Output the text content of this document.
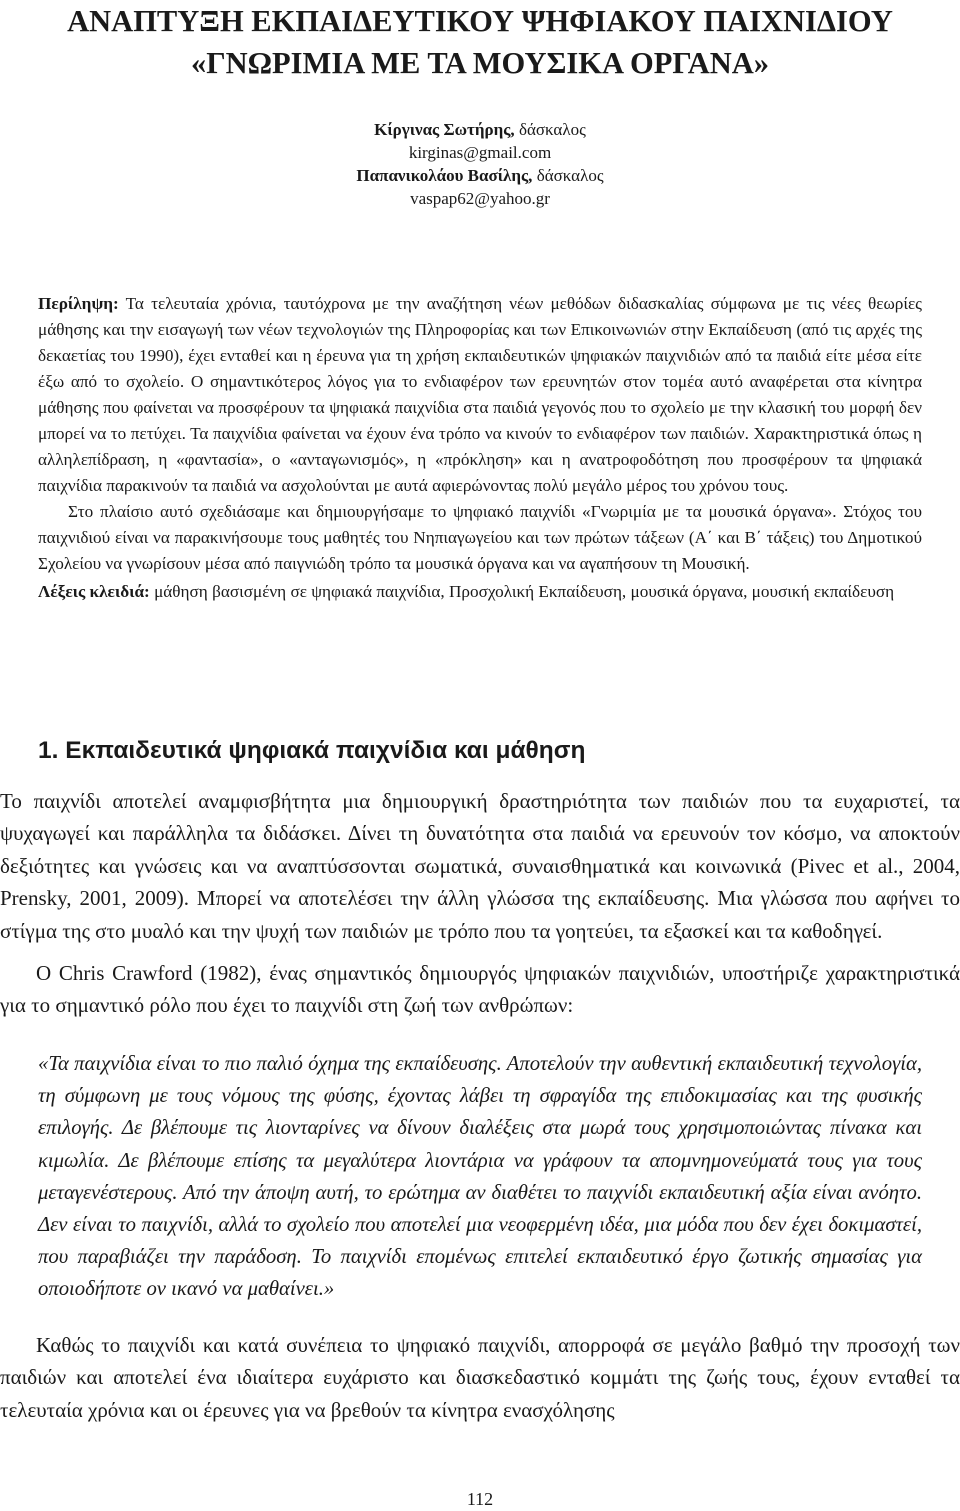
ΑΝΑΠΤΥΞΗ ΕΚΠΑΙΔΕΥΤΙΚΟΥ ΨΗΦΙΑΚΟΥ ΠΑΙΧΝΙΔΙΟΥ
«ΓΝΩΡΙΜΙΑ ΜΕ ΤΑ ΜΟΥΣΙΚΑ ΟΡΓΑΝΑ»
Κίργινας Σωτήρης, δάσκαλος
kirginas@gmail.com
Παπανικολάου Βασίλης, δάσκαλος
vaspap62@yahoo.gr

Περίληψη: Τα τελευταία χρόνια, ταυτόχρονα με την αναζήτηση νέων μεθόδων διδασκαλίας σύμφωνα με τις νέες θεωρίες μάθησης και την εισαγωγή των νέων τεχνολογιών της Πληροφορίας και των Επικοινωνιών στην Εκπαίδευση (από τις αρχές της δεκαετίας του 1990), έχει ενταθεί και η έρευνα για τη χρήση εκπαιδευτικών ψηφιακών παιχνιδιών από τα παιδιά είτε μέσα είτε έξω από το σχολείο. Ο σημαντικότερος λόγος για το ενδιαφέρον των ερευνητών στον τομέα αυτό αναφέρεται στα κίνητρα μάθησης που φαίνεται να προσφέρουν τα ψηφιακά παιχνίδια στα παιδιά γεγονός που το σχολείο με την κλασική του μορφή δεν μπορεί να το πετύχει. Τα παιχνίδια φαίνεται να έχουν ένα τρόπο να κινούν το ενδιαφέρον των παιδιών. Χαρακτηριστικά όπως η αλληλεπίδραση, η «φαντασία», ο «ανταγωνισμός», η «πρόκληση» και η ανατροφοδότηση που προσφέρουν τα ψηφιακά παιχνίδια παρακινούν τα παιδιά να ασχολούνται με αυτά αφιερώνοντας πολύ μεγάλο μέρος του χρόνου τους.

Στο πλαίσιο αυτό σχεδιάσαμε και δημιουργήσαμε το ψηφιακό παιχνίδι «Γνωριμία με τα μουσικά όργανα». Στόχος του παιχνιδιού είναι να παρακινήσουμε τους μαθητές του Νηπιαγωγείου και των πρώτων τάξεων (Α΄ και Β΄ τάξεις) του Δημοτικού Σχολείου να γνωρίσουν μέσα από παιγνιώδη τρόπο τα μουσικά όργανα και να αγαπήσουν τη Μουσική.

Λέξεις κλειδιά: μάθηση βασισμένη σε ψηφιακά παιχνίδια, Προσχολική Εκπαίδευση, μουσικά όργανα, μουσική εκπαίδευση

1. Εκπαιδευτικά ψηφιακά παιχνίδια και μάθηση

Το παιχνίδι αποτελεί αναμφισβήτητα μια δημιουργική δραστηριότητα των παιδιών που τα ευχαριστεί, τα ψυχαγωγεί και παράλληλα τα διδάσκει. Δίνει τη δυνατότητα στα παιδιά να ερευνούν τον κόσμο, να αποκτούν δεξιότητες και γνώσεις και να αναπτύσσονται σωματικά, συναισθηματικά και κοινωνικά (Pivec et al., 2004, Prensky, 2001, 2009). Μπορεί να αποτελέσει την άλλη γλώσσα της εκπαίδευσης. Μια γλώσσα που αφήνει το στίγμα της στο μυαλό και την ψυχή των παιδιών με τρόπο που τα γοητεύει, τα εξασκεί και τα καθοδηγεί.

Ο Chris Crawford (1982), ένας σημαντικός δημιουργός ψηφιακών παιχνιδιών, υποστήριζε χαρακτηριστικά για το σημαντικό ρόλο που έχει το παιχνίδι στη ζωή των ανθρώπων:

«Τα παιχνίδια είναι το πιο παλιό όχημα της εκπαίδευσης. Αποτελούν την αυθεντική εκπαιδευτική τεχνολογία, τη σύμφωνη με τους νόμους της φύσης, έχοντας λάβει τη σφραγίδα της επιδοκιμασίας και της φυσικής επιλογής. Δε βλέπουμε τις λιονταρίνες να δίνουν διαλέξεις στα μωρά τους χρησιμοποιώντας πίνακα και κιμωλία. Δε βλέπουμε επίσης τα μεγαλύτερα λιοντάρια να γράφουν τα απομνημονεύματά τους για τους μεταγενέστερους. Από την άποψη αυτή, το ερώτημα αν διαθέτει το παιχνίδι εκπαιδευτική αξία είναι ανόητο. Δεν είναι το παιχνίδι, αλλά το σχολείο που αποτελεί μια νεοφερμένη ιδέα, μια μόδα που δεν έχει δοκιμαστεί, που παραβιάζει την παράδοση. Το παιχνίδι επομένως επιτελεί εκπαιδευτικό έργο ζωτικής σημασίας για οποιοδήποτε ον ικανό να μαθαίνει.»

Καθώς το παιχνίδι και κατά συνέπεια το ψηφιακό παιχνίδι, απορροφά σε μεγάλο βαθμό την προσοχή των παιδιών και αποτελεί ένα ιδιαίτερα ευχάριστο και διασκεδαστικό κομμάτι της ζωής τους, έχουν ενταθεί τα τελευταία χρόνια και οι έρευνες για να βρεθούν τα κίνητρα ενασχόλησης

112
